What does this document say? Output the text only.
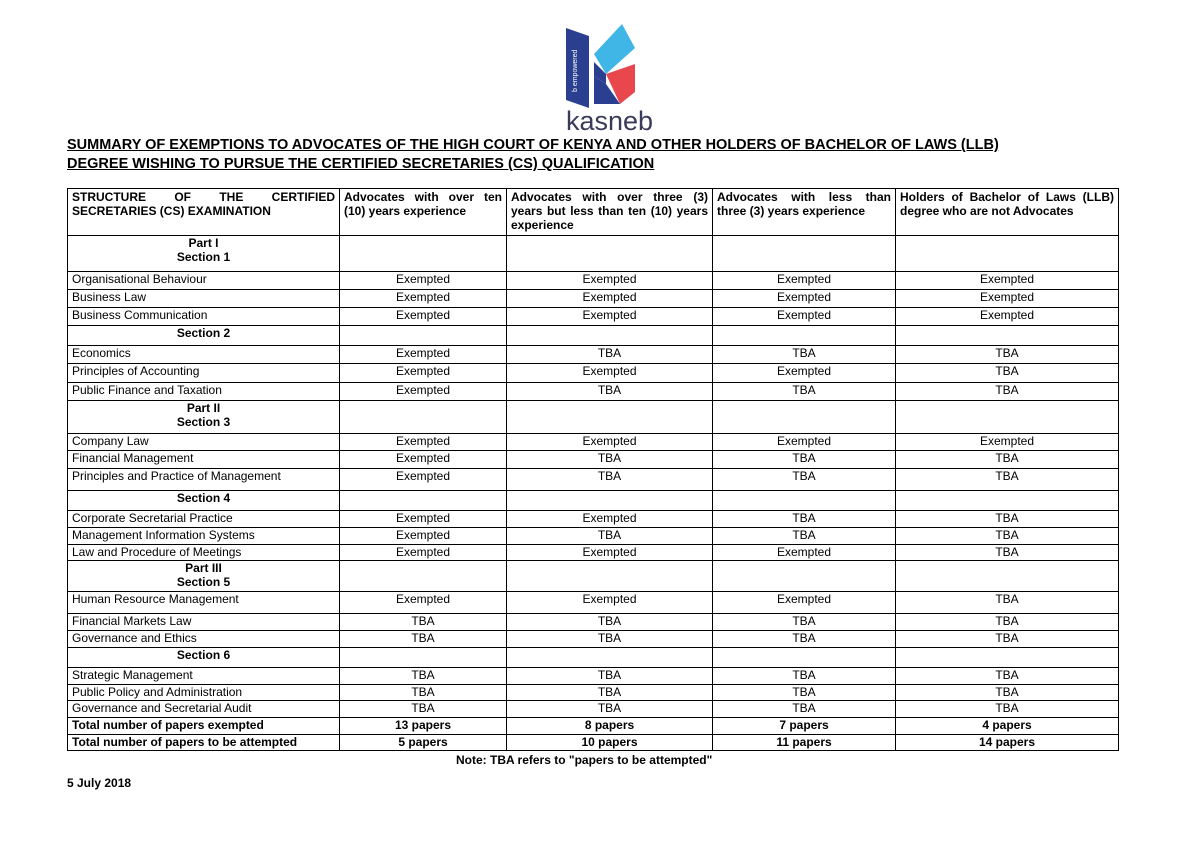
b empowered
kasneb
SUMMARY OF EXEMPTIONS TO ADVOCATES OF THE HIGH COURT OF KENYA AND OTHER HOLDERS OF BACHELOR OF LAWS (LLB)
DEGREE WISHING TO PURSUE THE CERTIFIED SECRETARIES (CS) QUALIFICATION
STRUCTURE OF THE CERTIFIED SECRETARIES (CS) EXAMINATION	Advocates with over ten (10) years experience	Advocates with over three (3) years but less than ten (10) years experience	Advocates with less than three (3) years experience	Holders of Bachelor of Laws (LLB) degree who are not Advocates

Part I
Section 1				

Organisational Behaviour	Exempted	Exempted	Exempted	Exempted
Business Law	Exempted	Exempted	Exempted	Exempted
Business Communication	Exempted	Exempted	Exempted	Exempted

Section 2				

Economics	Exempted	TBA	TBA	TBA
Principles of Accounting	Exempted	Exempted	Exempted	TBA
Public Finance and Taxation	Exempted	TBA	TBA	TBA

Part II
Section 3				

Company Law	Exempted	Exempted	Exempted	Exempted
Financial Management	Exempted	TBA	TBA	TBA
Principles and Practice of Management	Exempted	TBA	TBA	TBA

Section 4				

Corporate Secretarial Practice	Exempted	Exempted	TBA	TBA
Management Information Systems	Exempted	TBA	TBA	TBA
Law and Procedure of Meetings	Exempted	Exempted	Exempted	TBA

Part III
Section 5				

Human Resource Management	Exempted	Exempted	Exempted	TBA
Financial Markets Law	TBA	TBA	TBA	TBA
Governance and Ethics	TBA	TBA	TBA	TBA

Section 6				

Strategic Management	TBA	TBA	TBA	TBA
Public Policy and Administration	TBA	TBA	TBA	TBA
Governance and Secretarial Audit	TBA	TBA	TBA	TBA
Total number of papers exempted	13 papers	8 papers	7 papers	4 papers
Total number of papers to be attempted	5 papers	10 papers	11 papers	14 papers
Note: TBA refers to "papers to be attempted"
5 July 2018
